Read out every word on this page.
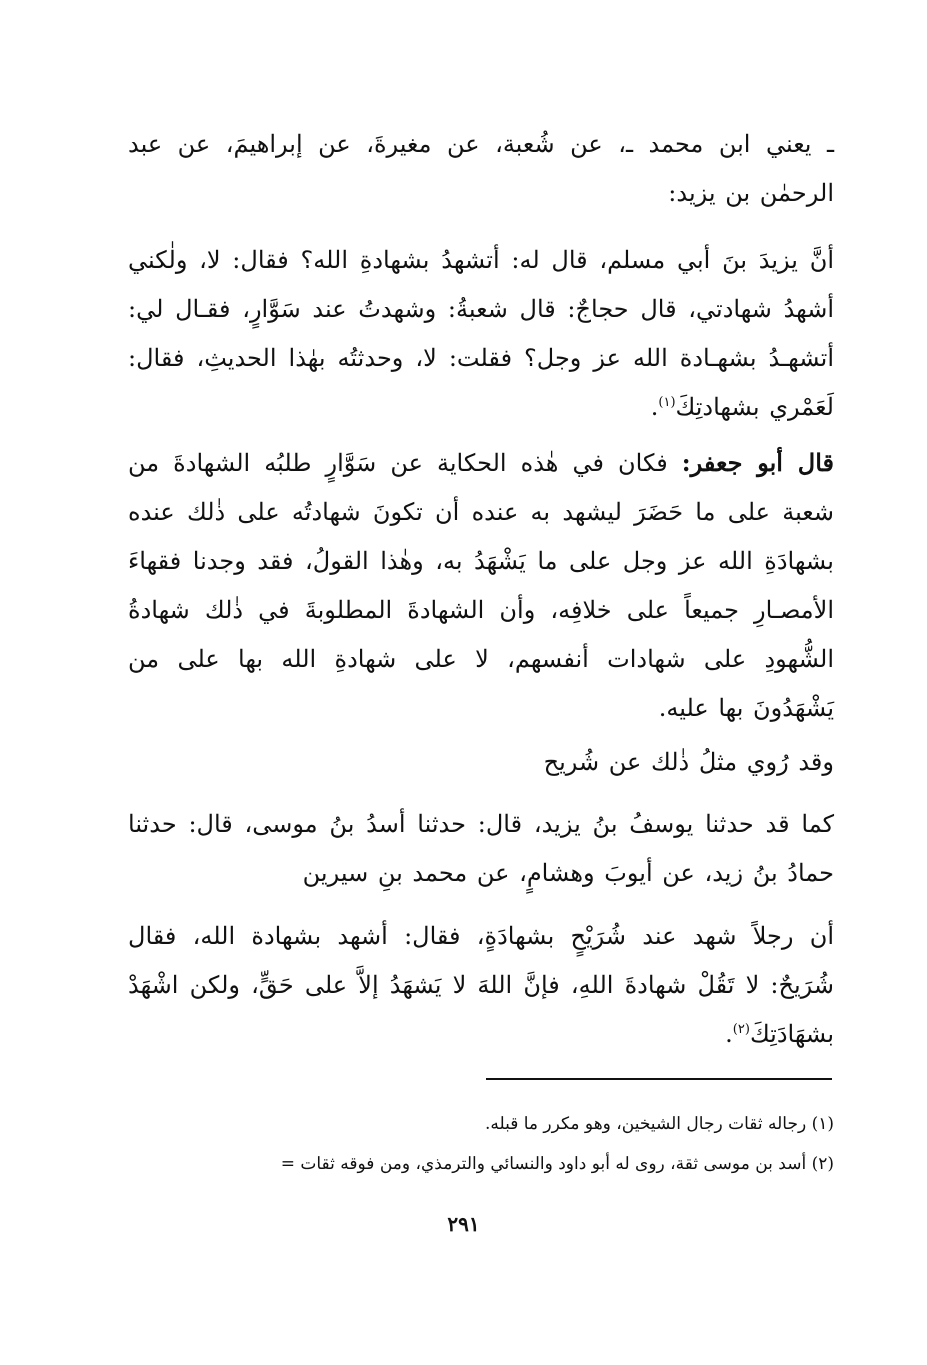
ـ يعني ابن محمد ـ، عن شُعبة، عن مغيرةَ، عن إبراهيمَ، عن عبد الرحمٰن بن يزيد:

أنَّ يزيدَ بنَ أبي مسلم، قال له: أتشهدُ بشهادةِ الله؟ فقال: لا، ولٰكني أشهدُ شهادتي، قال حجاجٌ: قال شعبةُ: وشهدتُ عند سَوَّارٍ، فقـال لي: أتشهـدُ بشهـادة الله عز وجل؟ فقلت: لا، وحدثتُه بهٰذا الحديثِ، فقال: لَعَمْري بشهادتِكَ$^{(١)}$.

قال أبو جعفر: فكان في هٰذه الحكاية عن سَوَّارٍ طلبُه الشهادةَ من شعبة على ما حَضَرَ ليشهد به عنده أن تكونَ شهادتُه على ذٰلك عنده بشهادَةِ الله عز وجل على ما يَشْهَدُ به، وهٰذا القولُ، فقد وجدنا فقهاءَ الأمصـارِ جميعاً على خلافِه، وأن الشهادةَ المطلوبةَ في ذٰلك شهادةُ الشُّهودِ على شهادات أنفسهم، لا على شهادةِ الله بها على من يَشْهَدُونَ بها عليه.

وقد رُوي مثلُ ذٰلك عن شُريح

كما قد حدثنا يوسفُ بنُ يزيد، قال: حدثنا أسدُ بنُ موسى، قال: حدثنا حمادُ بنُ زيد، عن أيوبَ وهشامٍ، عن محمد بنِ سيرين

أن رجلاً شهد عند شُرَيْحٍ بشهادَةٍ، فقال: أشهد بشهادة الله، فقال شُرَيحٌ: لا تَقُلْ شهادةَ اللهِ، فإنَّ اللهَ لا يَشهَدُ إلاَّ على حَقٍّ، ولكن اشْهَدْ بشهَادَتِكَ$^{(٢)}$.

(١) رجاله ثقات رجال الشيخين، وهو مكرر ما قبله.
(٢) أسد بن موسى ثقة، روى له أبو داود والنسائي والترمذي، ومن فوقه ثقات =
٢٩١
